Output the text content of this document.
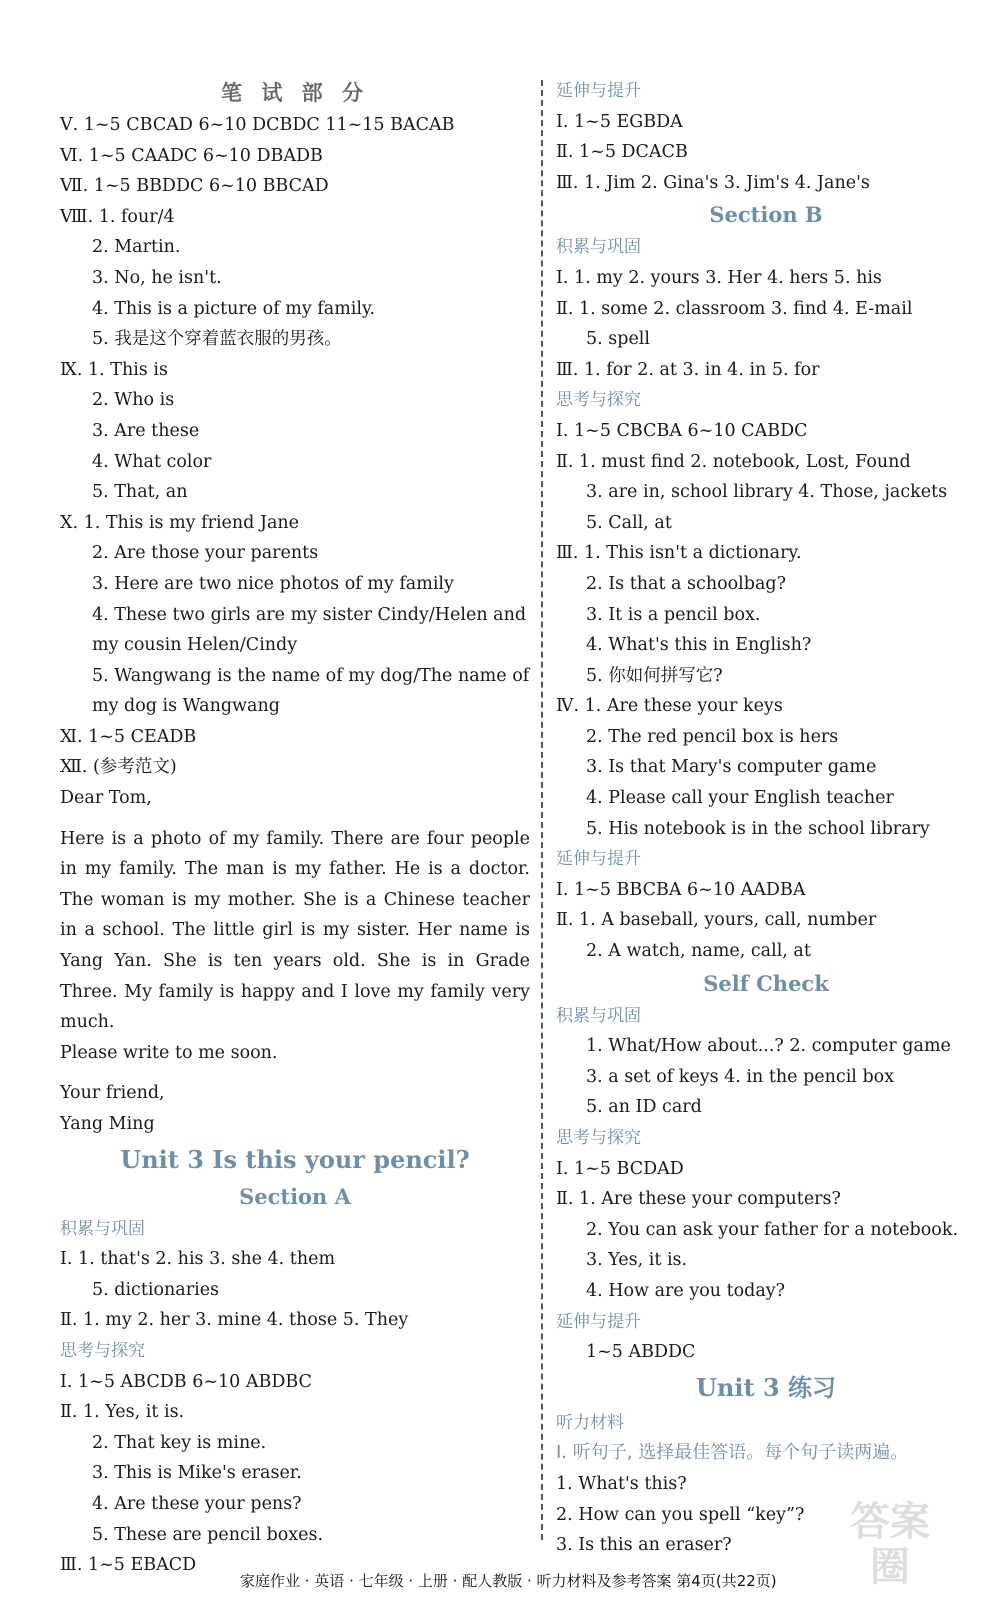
笔 试 部 分
Ⅴ. 1~5 CBCAD 6~10 DCBDC 11~15 BACAB
Ⅵ. 1~5 CAADC 6~10 DBADB
Ⅶ. 1~5 BBDDC 6~10 BBCAD
Ⅷ. 1. four/4
2. Martin.
3. No, he isn't.
4. This is a picture of my family.
5. 我是这个穿着蓝衣服的男孩。
Ⅸ. 1. This is
2. Who is
3. Are these
4. What color
5. That, an
Ⅹ. 1. This is my friend Jane
2. Are those your parents
3. Here are two nice photos of my family
4. These two girls are my sister Cindy/Helen and my cousin Helen/Cindy
5. Wangwang is the name of my dog/The name of my dog is Wangwang
Ⅺ. 1~5 CEADB
Ⅻ. (参考范文)
Dear Tom,
Here is a photo of my family. There are four people in my family. The man is my father. He is a doctor. The woman is my mother. She is a Chinese teacher in a school. The little girl is my sister. Her name is Yang Yan. She is ten years old. She is in Grade Three. My family is happy and I love my family very much.
Please write to me soon.
Your friend,
Yang Ming
Unit 3 Is this your pencil?
Section A
积累与巩固
Ⅰ. 1. that's 2. his 3. she 4. them
5. dictionaries
Ⅱ. 1. my 2. her 3. mine 4. those 5. They
思考与探究
Ⅰ. 1~5 ABCDB 6~10 ABDBC
Ⅱ. 1. Yes, it is.
2. That key is mine.
3. This is Mike's eraser.
4. Are these your pens?
5. These are pencil boxes.
Ⅲ. 1~5 EBACD
延伸与提升
Ⅰ. 1~5 EGBDA
Ⅱ. 1~5 DCACB
Ⅲ. 1. Jim 2. Gina's 3. Jim's 4. Jane's
Section B
积累与巩固
Ⅰ. 1. my 2. yours 3. Her 4. hers 5. his
Ⅱ. 1. some 2. classroom 3. find 4. E-mail
5. spell
Ⅲ. 1. for 2. at 3. in 4. in 5. for
思考与探究
Ⅰ. 1~5 CBCBA 6~10 CABDC
Ⅱ. 1. must find 2. notebook, Lost, Found
3. are in, school library 4. Those, jackets
5. Call, at
Ⅲ. 1. This isn't a dictionary.
2. Is that a schoolbag?
3. It is a pencil box.
4. What's this in English?
5. 你如何拼写它?
Ⅳ. 1. Are these your keys
2. The red pencil box is hers
3. Is that Mary's computer game
4. Please call your English teacher
5. His notebook is in the school library
延伸与提升
Ⅰ. 1~5 BBCBA 6~10 AADBA
Ⅱ. 1. A baseball, yours, call, number
2. A watch, name, call, at
Self Check
积累与巩固
1. What/How about...? 2. computer game
3. a set of keys 4. in the pencil box
5. an ID card
思考与探究
Ⅰ. 1~5 BCDAD
Ⅱ. 1. Are these your computers?
2. You can ask your father for a notebook.
3. Yes, it is.
4. How are you today?
延伸与提升
1~5 ABDDC
Unit 3 练习
听力材料
Ⅰ. 听句子, 选择最佳答语。每个句子读两遍。
1. What's this?
2. How can you spell “key”?
3. Is this an eraser?
家庭作业 · 英语 · 七年级 · 上册 · 配人教版 · 听力材料及参考答案 第4页(共22页)
答案
圈
